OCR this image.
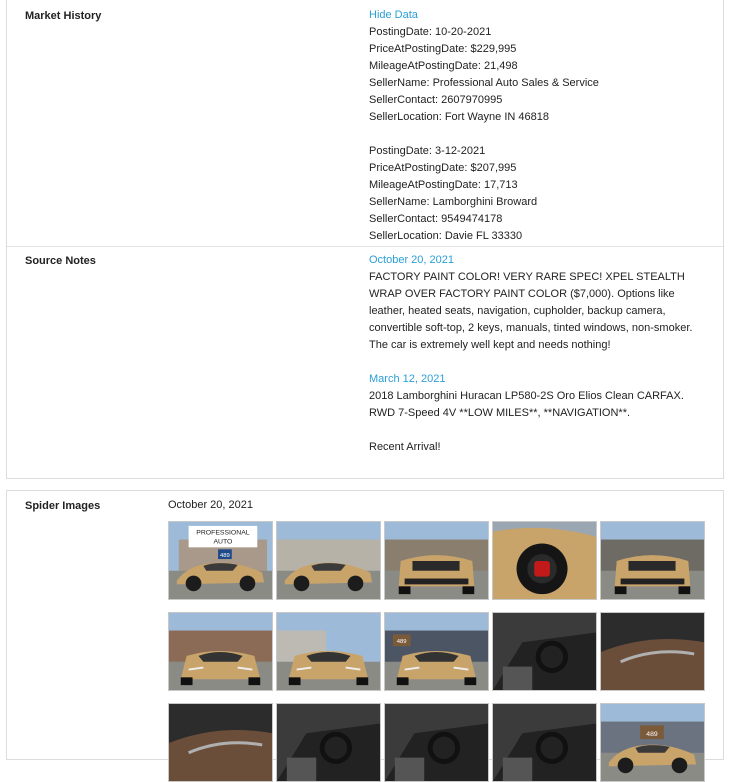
Market History	Hide Data
PostingDate: 10-20-2021
PriceAtPostingDate: $229,995
MileageAtPostingDate: 21,498
SellerName: Professional Auto Sales & Service
SellerContact: 2607970995
SellerLocation: Fort Wayne IN 46818
PostingDate: 3-12-2021
PriceAtPostingDate: $207,995
MileageAtPostingDate: 17,713
SellerName: Lamborghini Broward
SellerContact: 9549474178
SellerLocation: Davie FL 33330
Source Notes	October 20, 2021
FACTORY PAINT COLOR! VERY RARE SPEC! XPEL STEALTH WRAP OVER FACTORY PAINT COLOR ($7,000). Options like leather, heated seats, navigation, cupholder, backup camera, convertible soft-top, 2 keys, manuals, tinted windows, non-smoker. The car is extremely well kept and needs nothing!
March 12, 2021
2018 Lamborghini Huracan LP580-2S Oro Elios Clean CARFAX. RWD 7-Speed 4V **LOW MILES**, **NAVIGATION**.
Recent Arrival!
Spider Images	October 20, 2021
PROFESSIONAL
AUTO
489
489
489
